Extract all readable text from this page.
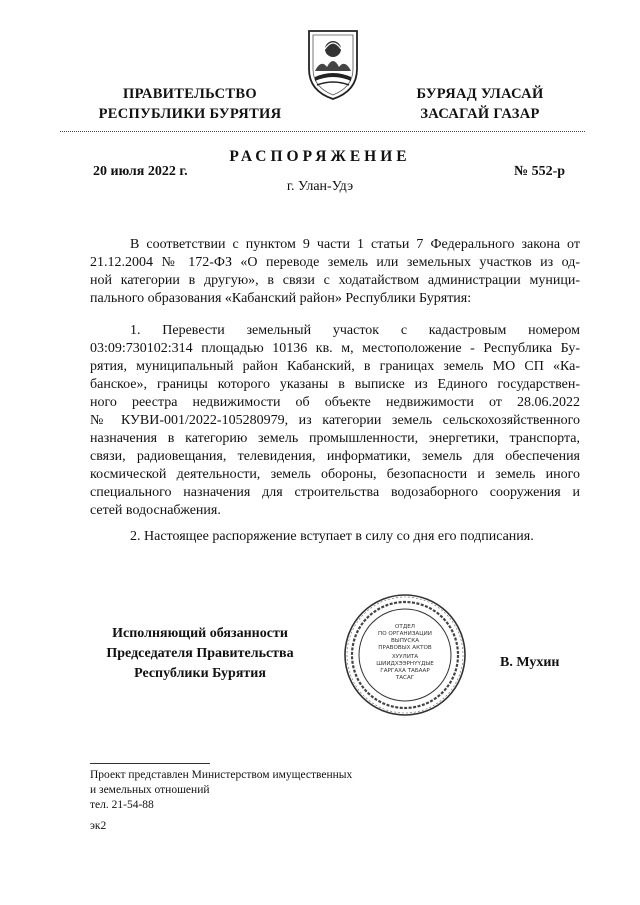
ПРАВИТЕЛЬСТВО
РЕСПУБЛИКИ БУРЯТИЯ
БУРЯАД УЛАСАЙ
ЗАСАГАЙ ГАЗАР
РАСПОРЯЖЕНИЕ
20 июля 2022 г.	№ 552-р
г. Улан-Удэ
В соответствии с пунктом 9 части 1 статьи 7 Федерального закона от
21.12.2004 № 172-ФЗ «О переводе земель или земельных участков из од-
ной категории в другую», в связи с ходатайством администрации муници-
пального образования «Кабанский район» Республики Бурятия:
1. Перевести земельный участок с кадастровым номером
03:09:730102:314 площадью 10136 кв. м, местоположение - Республика Бу-
рятия, муниципальный район Кабанский, в границах земель МО СП «Ка-
банское», границы которого указаны в выписке из Единого государствен-
ного реестра недвижимости об объекте недвижимости от 28.06.2022
№ КУВИ-001/2022-105280979, из категории земель сельскохозяйственного
назначения в категорию земель промышленности, энергетики, транспорта,
связи, радиовещания, телевидения, информатики, земель для обеспечения
космической деятельности, земель обороны, безопасности и земель иного
специального назначения для строительства водозаборного сооружения и
сетей водоснабжения.
2. Настоящее распоряжение вступает в силу со дня его подписания.
Исполняющий обязанности
Председателя Правительства
Республики Бурятия
ОТДЕЛ
ПО ОРГАНИЗАЦИИ
ВЫПУСКА
ПРАВОВЫХ АКТОВ
ХУУЛИТА
ШИИДХЭЭРНҮҮДЫЕ
ГАРГАХА ТАБААР
ТАСАГ
В. Мухин
Проект представлен Министерством имущественных
и земельных отношений
тел. 21-54-88
эк2
